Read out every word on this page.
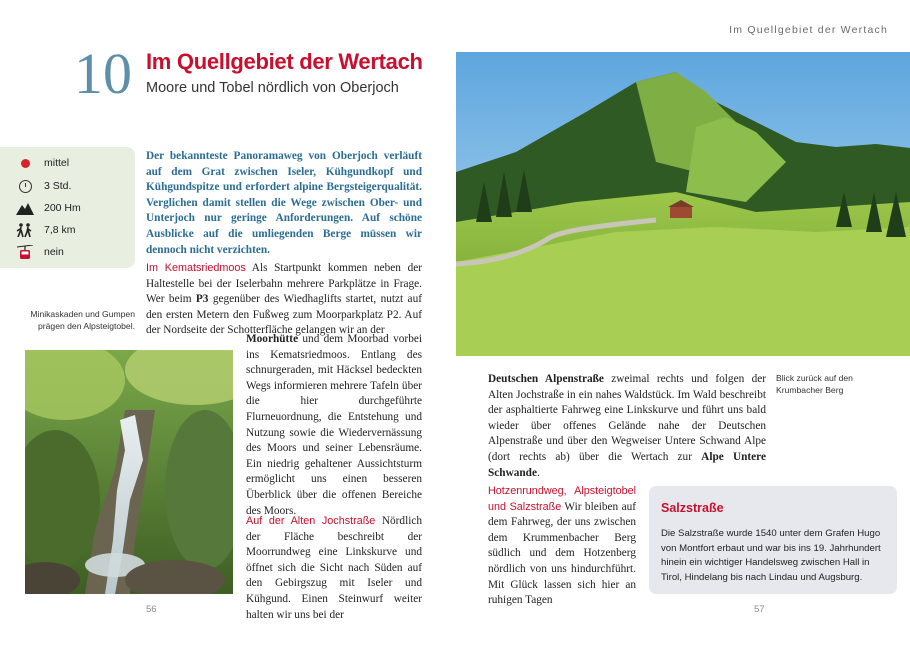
Im Quellgebiet der Wertach
10 Im Quellgebiet der Wertach
Moore und Tobel nördlich von Oberjoch
mittel
3 Std.
200 Hm
7,8 km
nein
Der bekannteste Panoramaweg von Oberjoch verläuft auf dem Grat zwischen Iseler, Kühgundkopf und Kühgundspitze und erfordert alpine Bergsteigerqualität. Verglichen damit stellen die Wege zwischen Ober- und Unterjoch nur geringe Anforderungen. Auf schöne Ausblicke auf die umliegenden Berge müssen wir dennoch nicht verzichten.
Im Kematsriedmoos Als Startpunkt kommen neben der Haltestelle bei der Iselerbahn mehrere Parkplätze in Frage. Wer beim P3 gegenüber des Wiedhaglifts startet, nutzt auf den ersten Metern den Fußweg zum Moorparkplatz P2. Auf der Nordseite der Schotterfläche gelangen wir an der
Moorhütte und dem Moorbad vorbei ins Kematsriedmoos. Entlang des schnurgeraden, mit Häcksel bedeckten Wegs informieren mehrere Tafeln über die hier durchgeführte Flurneuordnung, die Entstehung und Nutzung sowie die Wiedervernässung des Moors und seiner Lebensräume. Ein niedrig gehaltener Aussichtsturm ermöglicht uns einen besseren Überblick über die offenen Bereiche des Moors.
Auf der Alten Jochstraße Nördlich der Fläche beschreibt der Moorrundweg eine Linkskurve und öffnet sich die Sicht nach Süden auf den Gebirgszug mit Iseler und Kühgund. Einen Steinwurf weiter halten wir uns bei der
Minikaskaden und Gumpen prägen den Alpsteigtobel.
Blick zurück auf den Krumbacher Berg
Deutschen Alpenstraße zweimal rechts und folgen der Alten Jochstraße in ein nahes Waldstück. Im Wald beschreibt der asphaltierte Fahrweg eine Linkskurve und führt uns bald wieder über offenes Gelände nahe der Deutschen Alpenstraße und über den Wegweiser Untere Schwand Alpe (dort rechts ab) über die Wertach zur Alpe Untere Schwande.
Hotzenrundweg, Alpsteigtobel und Salzstraße Wir bleiben auf dem Fahrweg, der uns zwischen dem Krummenbacher Berg südlich und dem Hotzenberg nördlich von uns hindurchführt. Mit Glück lassen sich hier an ruhigen Tagen
Salzstraße
Die Salzstraße wurde 1540 unter dem Grafen Hugo von Montfort erbaut und war bis ins 19. Jahrhundert hinein ein wichtiger Handelsweg zwischen Hall in Tirol, Hindelang bis nach Lindau und Augsburg.
56	57
